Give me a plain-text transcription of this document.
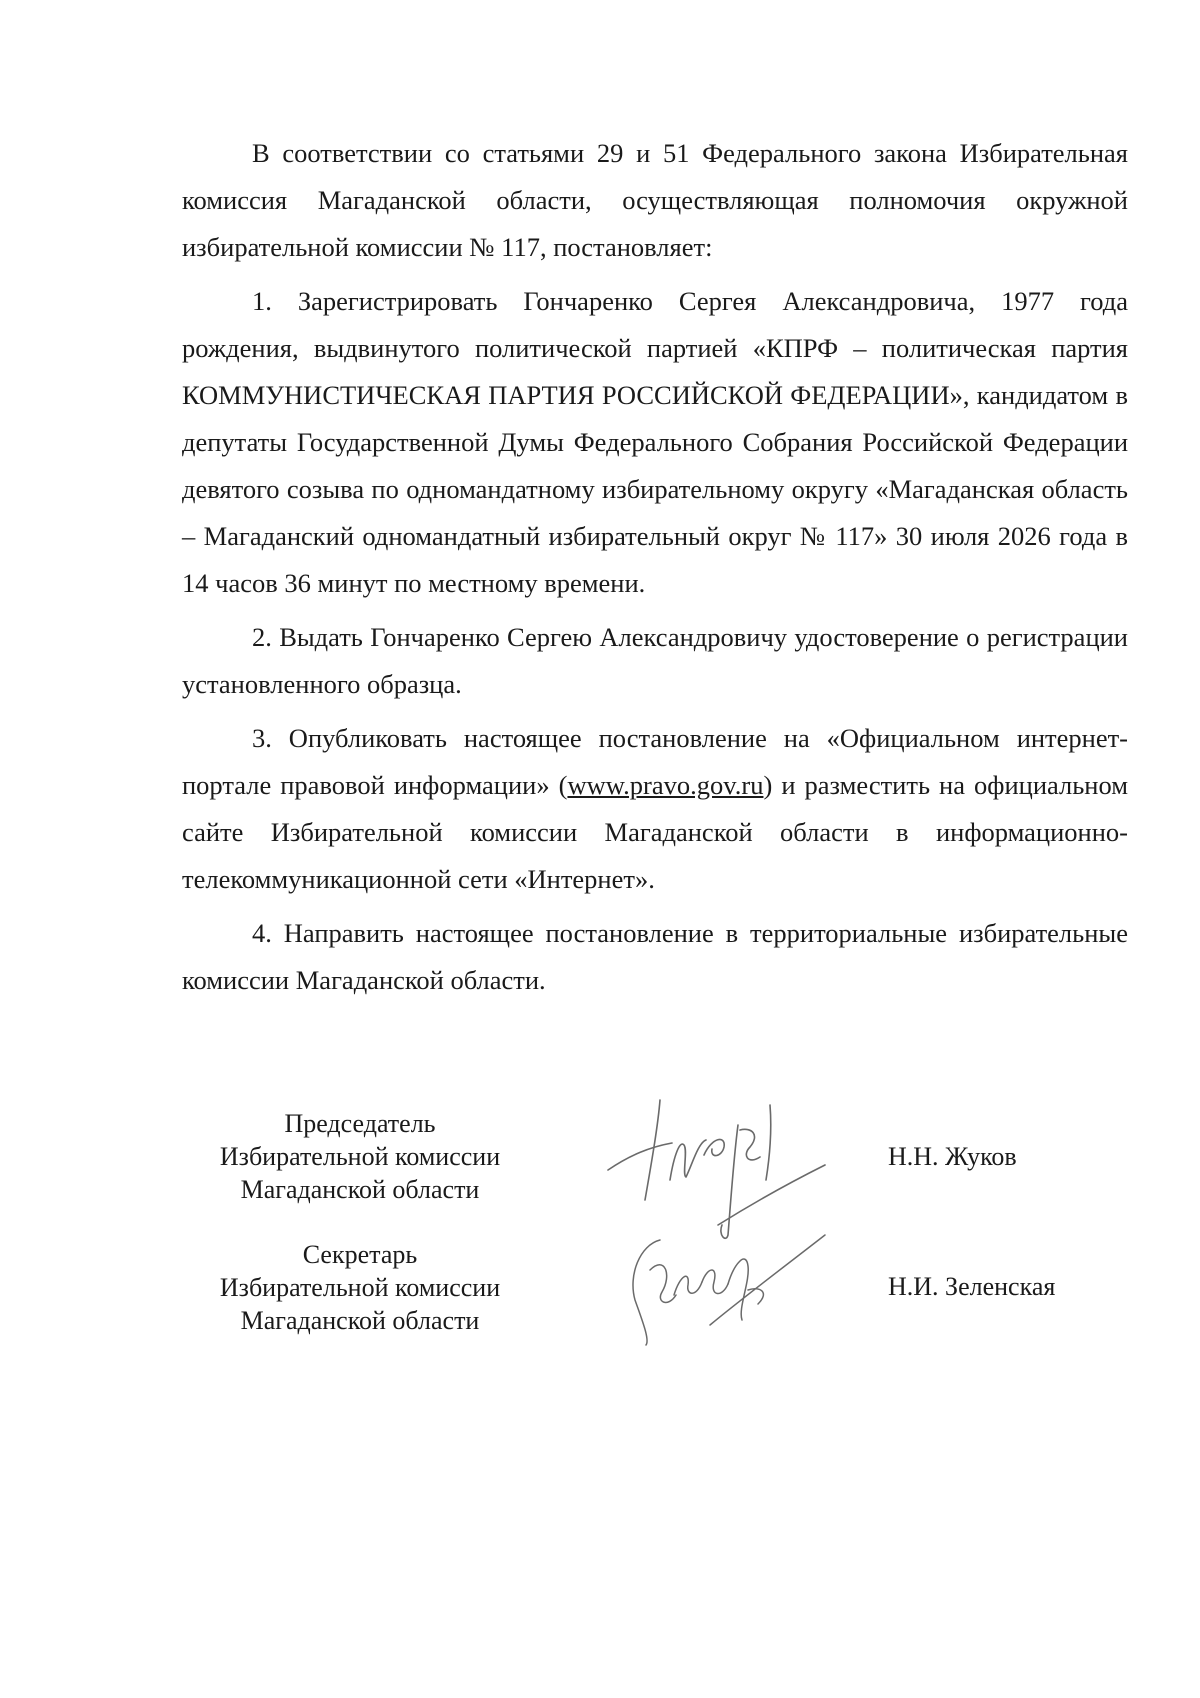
В соответствии со статьями 29 и 51 Федерального закона Избирательная комиссия Магаданской области, осуществляющая полномочия окружной избирательной комиссии № 117, постановляет:

1. Зарегистрировать Гончаренко Сергея Александровича, 1977 года рождения, выдвинутого политической партией «КПРФ – политическая партия КОММУНИСТИЧЕСКАЯ ПАРТИЯ РОССИЙСКОЙ ФЕДЕРАЦИИ», кандидатом в депутаты Государственной Думы Федерального Собрания Российской Федерации девятого созыва по одномандатному избирательному округу «Магаданская область – Магаданский одномандатный избирательный округ № 117» 30 июля 2026 года в 14 часов 36 минут по местному времени.

2. Выдать Гончаренко Сергею Александровичу удостоверение о регистрации установленного образца.

3. Опубликовать настоящее постановление на «Официальном интернет-портале правовой информации» (www.pravo.gov.ru) и разместить на официальном сайте Избирательной комиссии Магаданской области в информационно-телекоммуникационной сети «Интернет».

4. Направить настоящее постановление в территориальные избирательные комиссии Магаданской области.

Председатель
Избирательной комиссии
Магаданской области
Н.Н. Жуков
Секретарь
Избирательной комиссии
Магаданской области
Н.И. Зеленская
